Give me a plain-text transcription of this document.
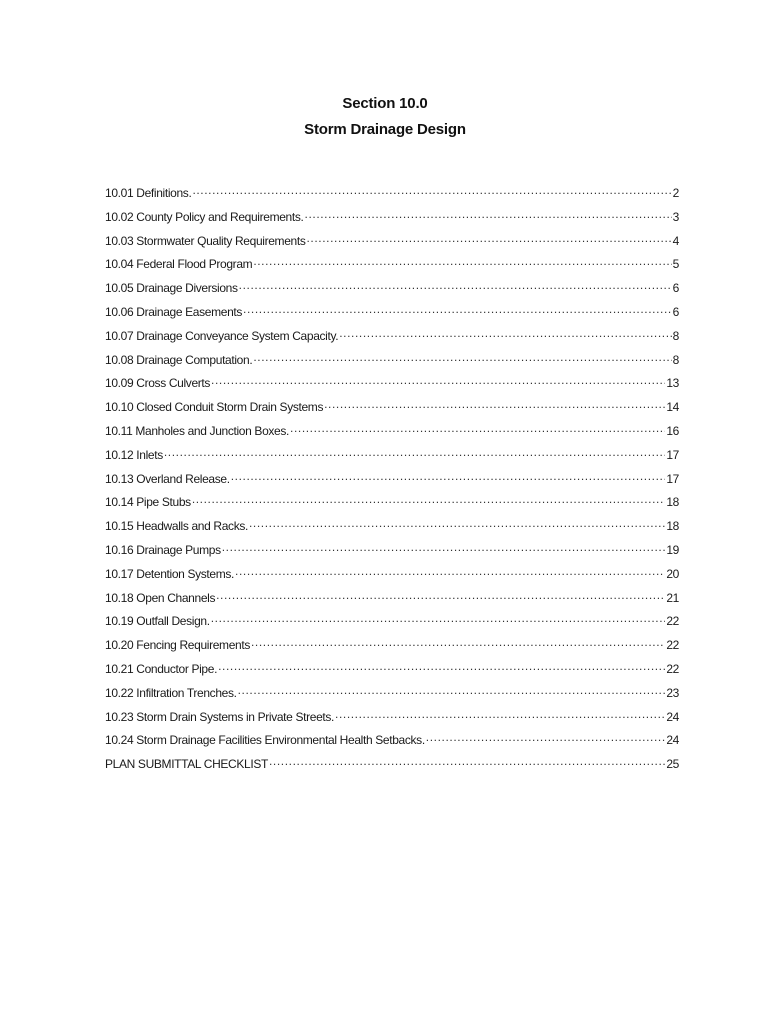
Section 10.0
Storm Drainage Design
10.01 Definitions. .....	2
10.02 County Policy and Requirements. .....	3
10.03 Stormwater Quality Requirements .....	4
10.04 Federal Flood Program .....	5
10.05 Drainage Diversions .....	6
10.06 Drainage Easements .....	6
10.07 Drainage Conveyance System Capacity. .....	8
10.08 Drainage Computation. .....	8
10.09 Cross Culverts .....	13
10.10 Closed Conduit Storm Drain Systems .....	14
10.11 Manholes and Junction Boxes. .....	16
10.12 Inlets .....	17
10.13 Overland Release. .....	17
10.14 Pipe Stubs .....	18
10.15 Headwalls and Racks. .....	18
10.16 Drainage Pumps .....	19
10.17 Detention Systems. .....	20
10.18 Open Channels .....	21
10.19 Outfall Design. .....	22
10.20 Fencing Requirements .....	22
10.21 Conductor Pipe. .....	22
10.22 Infiltration Trenches. .....	23
10.23 Storm Drain Systems in Private Streets. .....	24
10.24 Storm Drainage Facilities Environmental Health Setbacks. .....	24
PLAN SUBMITTAL CHECKLIST .....	25
